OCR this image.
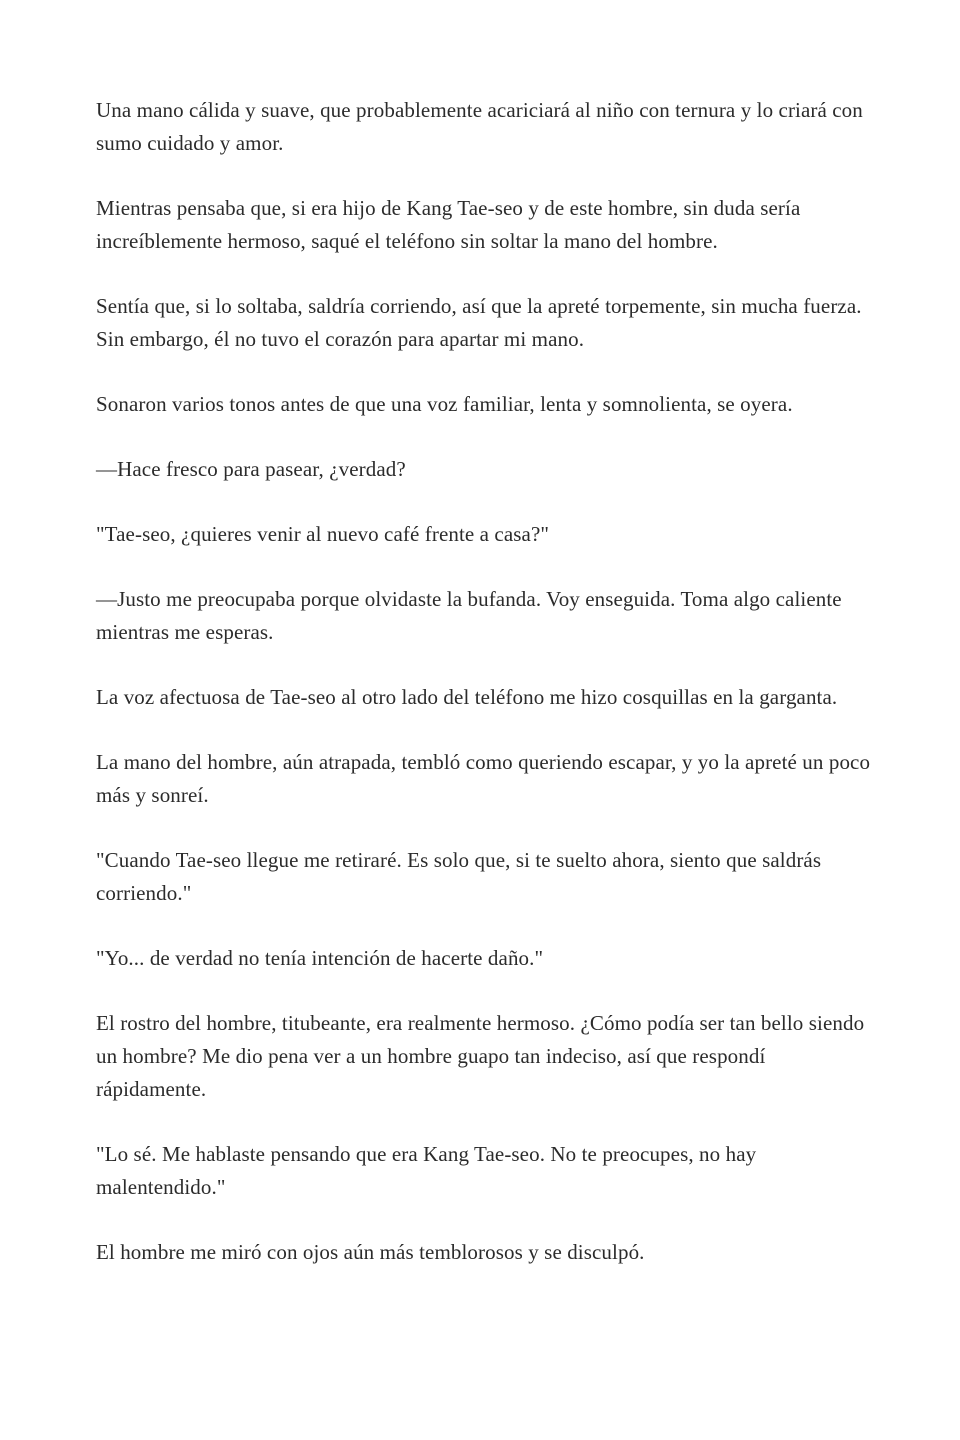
Una mano cálida y suave, que probablemente acariciará al niño con ternura y lo criará con sumo cuidado y amor.

Mientras pensaba que, si era hijo de Kang Tae-seo y de este hombre, sin duda sería increíblemente hermoso, saqué el teléfono sin soltar la mano del hombre.

Sentía que, si lo soltaba, saldría corriendo, así que la apreté torpemente, sin mucha fuerza. Sin embargo, él no tuvo el corazón para apartar mi mano.

Sonaron varios tonos antes de que una voz familiar, lenta y somnolienta, se oyera.

—Hace fresco para pasear, ¿verdad?

"Tae-seo, ¿quieres venir al nuevo café frente a casa?"

—Justo me preocupaba porque olvidaste la bufanda. Voy enseguida. Toma algo caliente mientras me esperas.

La voz afectuosa de Tae-seo al otro lado del teléfono me hizo cosquillas en la garganta.

La mano del hombre, aún atrapada, tembló como queriendo escapar, y yo la apreté un poco más y sonreí.

"Cuando Tae-seo llegue me retiraré. Es solo que, si te suelto ahora, siento que saldrás corriendo."

"Yo... de verdad no tenía intención de hacerte daño."

El rostro del hombre, titubeante, era realmente hermoso. ¿Cómo podía ser tan bello siendo un hombre? Me dio pena ver a un hombre guapo tan indeciso, así que respondí rápidamente.

"Lo sé. Me hablaste pensando que era Kang Tae-seo. No te preocupes, no hay malentendido."

El hombre me miró con ojos aún más temblorosos y se disculpó.
